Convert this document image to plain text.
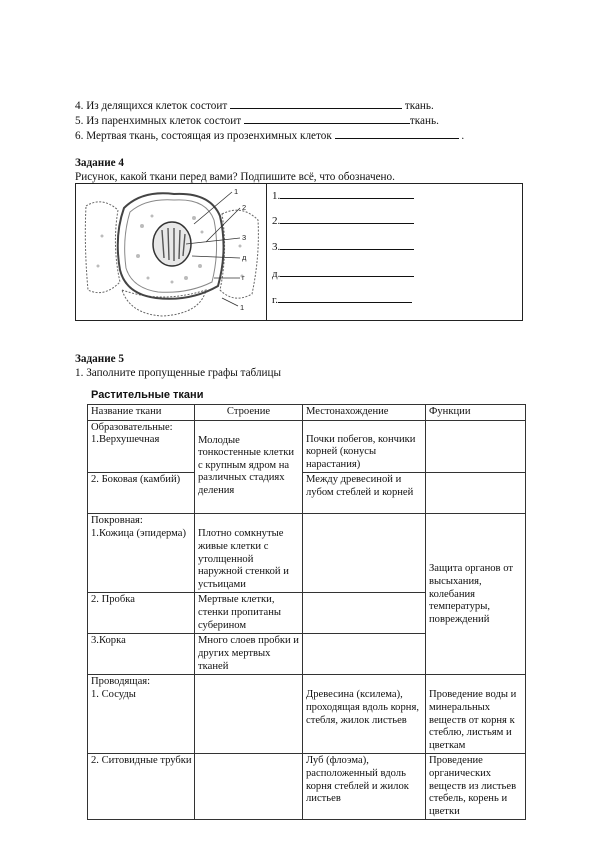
4. Из делящихся клеток состоит	ткань.
5. Из паренхимных клеток состоит	ткань.
6. Мертвая ткань, состоящая из прозенхимных клеток	.
Задание 4
Рисунок, какой ткани перед вами? Подпишите всё, что обозначено.
1
2
3
д
г
1
1.
2.
3.
д.
г.
Задание 5
1. Заполните пропущенные графы таблицы
Растительные ткани
Название ткани	Строение	Местонахождение	Функции

Образовательные:
1.Верхушечная	Молодые тонкостенные клетки с крупным ядром на различных стадиях деления	Почки побегов, кончики корней (конусы нарастания)	

2. Боковая (камбий)		Между древесиной и лубом стеблей и корней	

Покровная:
1.Кожица (эпидерма)	Плотно сомкнутые живые клетки с утолщенной наружной стенкой и устьицами		Защита органов от высыхания, колебания температуры, повреждений

2. Пробка	Мертвые клетки, стенки пропитаны суберином		
3.Корка	Много слоев пробки и других мертвых тканей		

Проводящая:
1. Сосуды		Древесина (ксилема), проходящая вдоль корня, стебля, жилок листьев	Проведение воды и минеральных веществ от корня к стеблю, листьям и цветкам

2. Ситовидные трубки		Луб (флоэма), расположенный вдоль корня стеблей и жилок листьев	Проведение органических веществ из листьев стебель, корень и цветки
